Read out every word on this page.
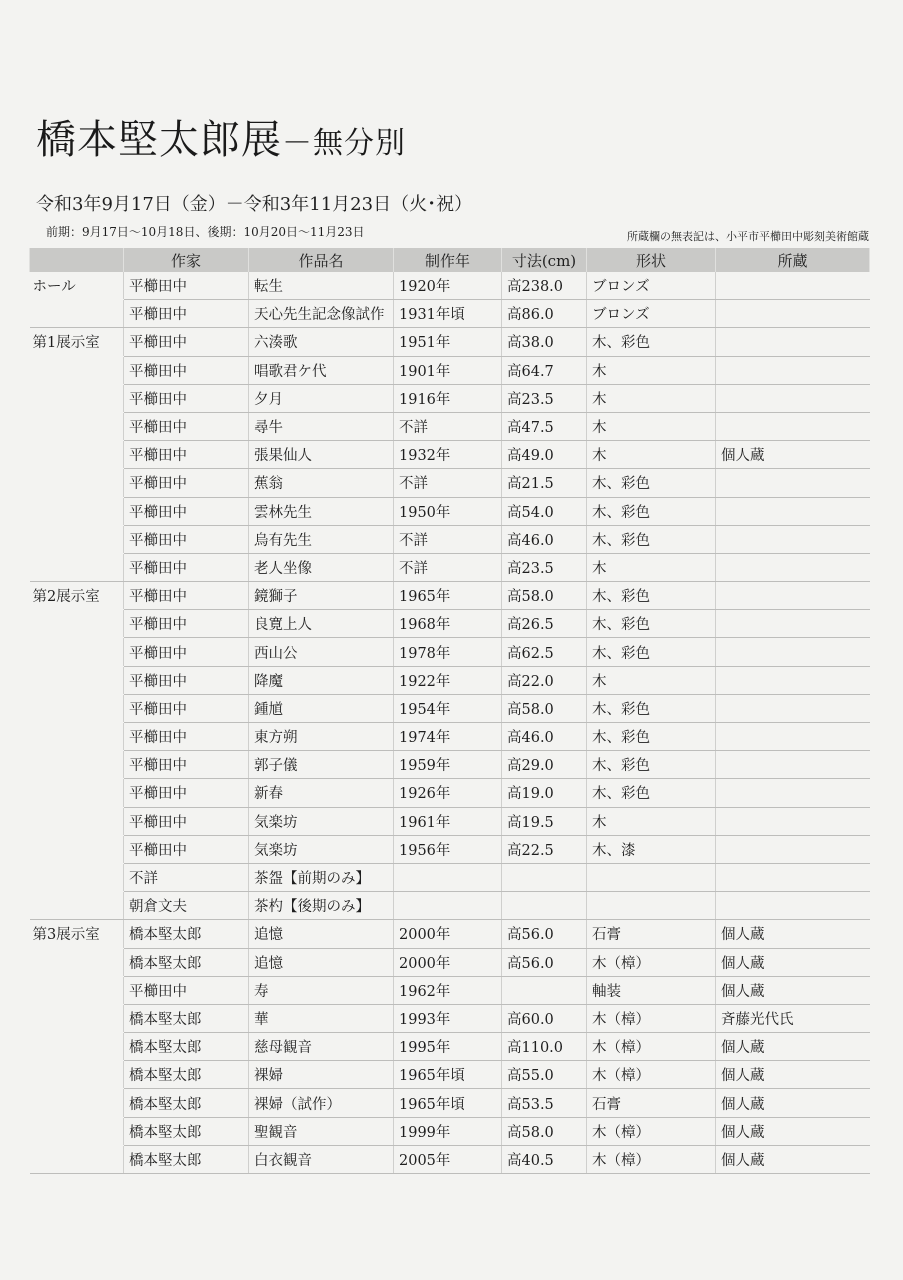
橋本堅太郎展－無分別
令和3年9月17日（金）－令和3年11月23日（火･祝）
前期：9月17日～10月18日、後期：10月20日～11月23日	所蔵欄の無表記は、小平市平櫛田中彫刻美術館蔵
	作家	作品名	制作年	寸法(cm)	形状	所蔵
ホール	平櫛田中	転生	1920年	高238.0	ブロンズ	
	平櫛田中	天心先生記念像試作	1931年頃	高86.0	ブロンズ	
第1展示室	平櫛田中	六湊歌	1951年	高38.0	木、彩色	
	平櫛田中	唱歌君ケ代	1901年	高64.7	木	
	平櫛田中	夕月	1916年	高23.5	木	
	平櫛田中	尋牛	不詳	高47.5	木	
	平櫛田中	張果仙人	1932年	高49.0	木	個人蔵
	平櫛田中	蕉翁	不詳	高21.5	木、彩色	
	平櫛田中	雲林先生	1950年	高54.0	木、彩色	
	平櫛田中	烏有先生	不詳	高46.0	木、彩色	
	平櫛田中	老人坐像	不詳	高23.5	木	
第2展示室	平櫛田中	鏡獅子	1965年	高58.0	木、彩色	
	平櫛田中	良寛上人	1968年	高26.5	木、彩色	
	平櫛田中	西山公	1978年	高62.5	木、彩色	
	平櫛田中	降魔	1922年	高22.0	木	
	平櫛田中	鍾馗	1954年	高58.0	木、彩色	
	平櫛田中	東方朔	1974年	高46.0	木、彩色	
	平櫛田中	郭子儀	1959年	高29.0	木、彩色	
	平櫛田中	新春	1926年	高19.0	木、彩色	
	平櫛田中	気楽坊	1961年	高19.5	木	
	平櫛田中	気楽坊	1956年	高22.5	木、漆	
	不詳	茶盌【前期のみ】				
	朝倉文夫	茶杓【後期のみ】				
第3展示室	橋本堅太郎	追憶	2000年	高56.0	石膏	個人蔵
	橋本堅太郎	追憶	2000年	高56.0	木（樟）	個人蔵
	平櫛田中	寿	1962年		軸装	個人蔵
	橋本堅太郎	華	1993年	高60.0	木（樟）	斉藤光代氏
	橋本堅太郎	慈母観音	1995年	高110.0	木（樟）	個人蔵
	橋本堅太郎	裸婦	1965年頃	高55.0	木（樟）	個人蔵
	橋本堅太郎	裸婦（試作）	1965年頃	高53.5	石膏	個人蔵
	橋本堅太郎	聖観音	1999年	高58.0	木（樟）	個人蔵
	橋本堅太郎	白衣観音	2005年	高40.5	木（樟）	個人蔵
